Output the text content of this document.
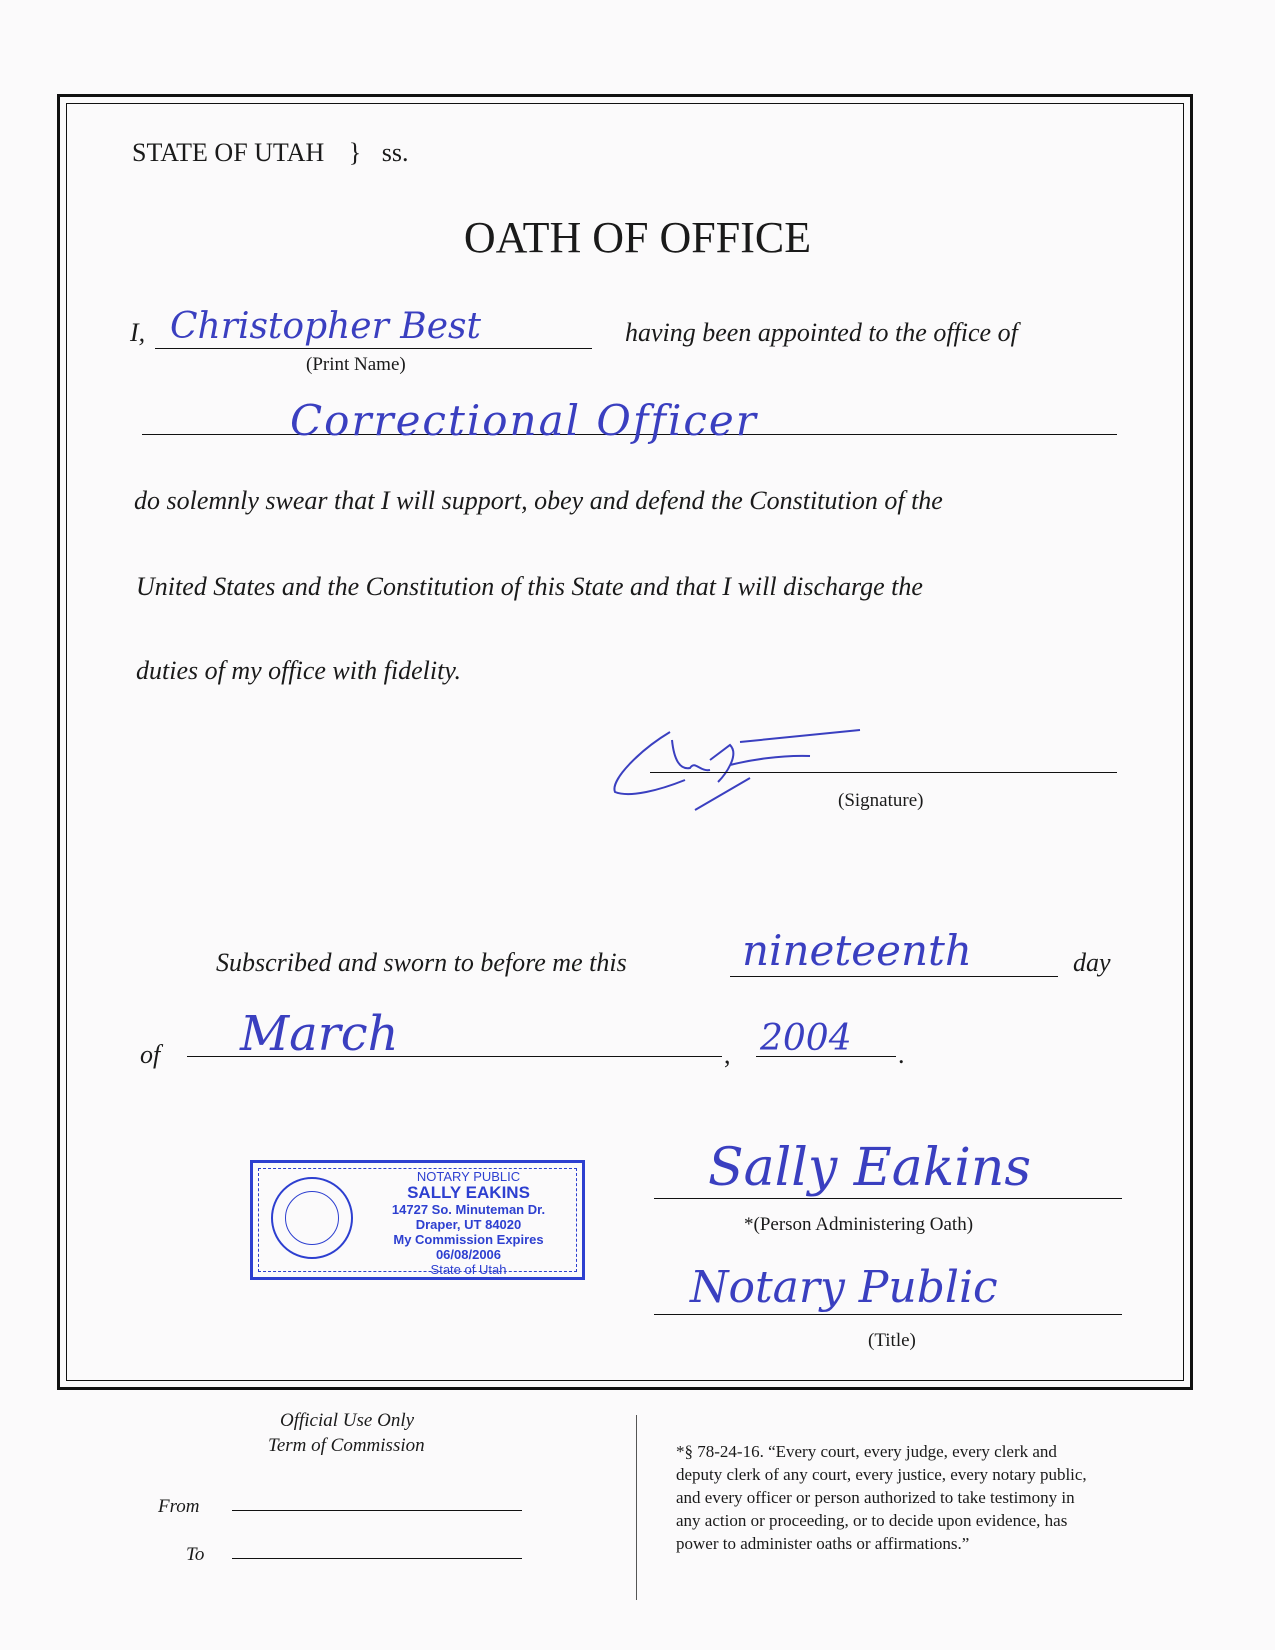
STATE OF UTAH } ss.
OATH OF OFFICE
I, Christopher Best
(Print Name)
having been appointed to the office of
Correctional Officer
do solemnly swear that I will support, obey and defend the Constitution of the
United States and the Constitution of this State and that I will discharge the
duties of my office with fidelity.
(Signature)
Subscribed and sworn to before me this	nineteenth	day
of March	, 2004 .
NOTARY PUBLIC
SALLY EAKINS
14727 So. Minuteman Dr.
Draper, UT 84020
My Commission Expires 06/08/2006
State of Utah
Sally Eakins
*(Person Administering Oath)
Notary Public
(Title)
Official Use Only
Term of Commission
From
To
*§ 78-24-16. “Every court, every judge, every clerk and
deputy clerk of any court, every justice, every notary public,
and every officer or person authorized to take testimony in
any action or proceeding, or to decide upon evidence, has
power to administer oaths or affirmations.”
